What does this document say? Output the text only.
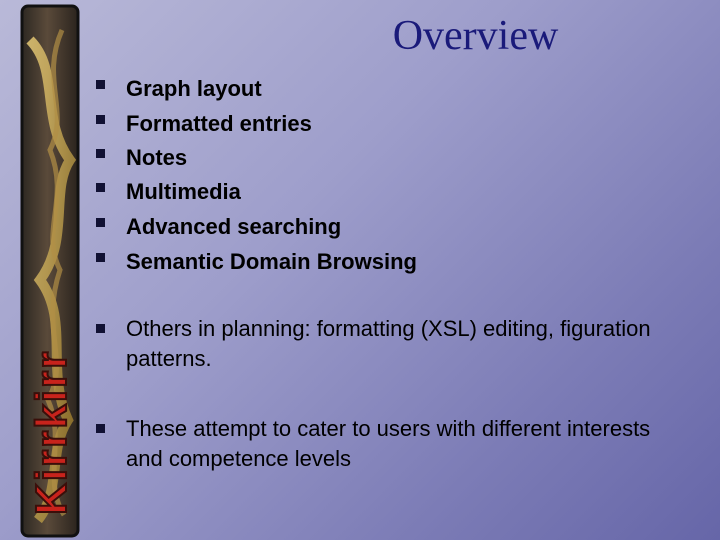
Kirrkirr
Overview
Graph layout
Formatted entries
Notes
Multimedia
Advanced searching
Semantic Domain Browsing
Others in planning: formatting (XSL) editing, figuration patterns.
These attempt to cater to users with different interests and competence levels
